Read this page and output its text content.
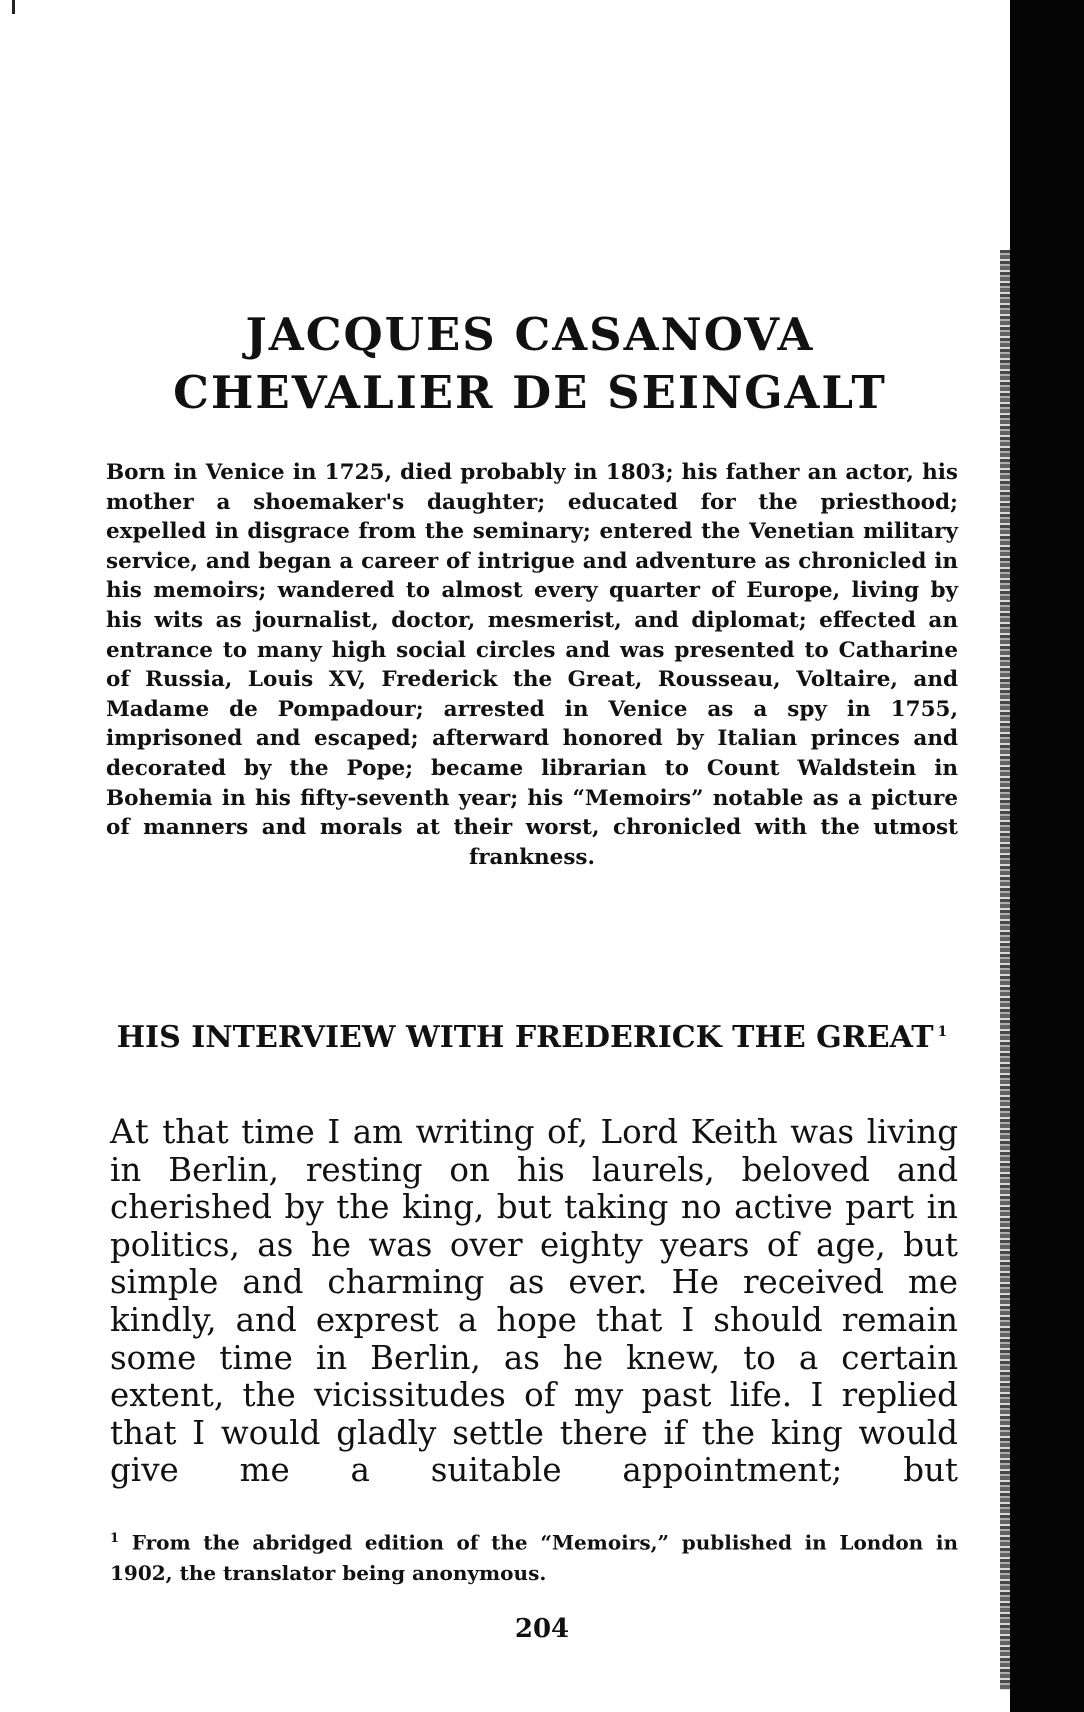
JACQUES CASANOVA
CHEVALIER DE SEINGALT

Born in Venice in 1725, died probably in 1803; his father an actor, his mother a shoemaker's daughter; educated for the priesthood; expelled in disgrace from the seminary; entered the Venetian military service, and began a career of intrigue and adventure as chronicled in his memoirs; wandered to almost every quarter of Europe, living by his wits as journalist, doctor, mesmerist, and diplomat; effected an entrance to many high social circles and was presented to Catharine of Russia, Louis XV, Frederick the Great, Rousseau, Voltaire, and Madame de Pompadour; arrested in Venice as a spy in 1755, imprisoned and escaped; afterward honored by Italian princes and decorated by the Pope; became librarian to Count Waldstein in Bohemia in his fifty-seventh year; his “Memoirs” notable as a picture of manners and morals at their worst, chronicled with the utmost frankness.

HIS INTERVIEW WITH FREDERICK THE GREAT $^1$

At that time I am writing of, Lord Keith was living in Berlin, resting on his laurels, beloved and cherished by the king, but taking no active part in politics, as he was over eighty years of age, but simple and charming as ever. He received me kindly, and exprest a hope that I should remain some time in Berlin, as he knew, to a certain extent, the vicissitudes of my past life. I replied that I would gladly settle there if the king would give me a suitable appointment; but

$^1$ From the abridged edition of the “Memoirs,” published in London in 1902, the translator being anonymous.

204
